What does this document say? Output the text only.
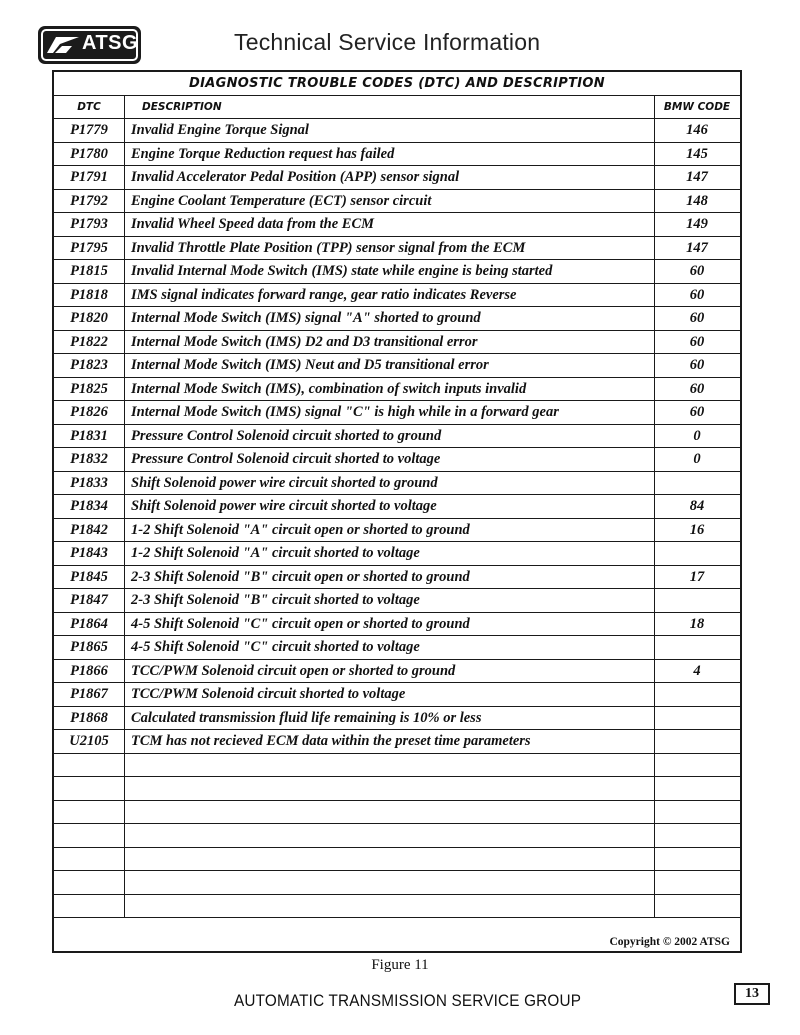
ATSG	Technical Service Information
DIAGNOSTIC TROUBLE CODES (DTC) AND DESCRIPTION
DTC	DESCRIPTION	BMW CODE
P1779	Invalid Engine Torque Signal	146
P1780	Engine Torque Reduction request has failed	145
P1791	Invalid Accelerator Pedal Position (APP) sensor signal	147
P1792	Engine Coolant Temperature (ECT) sensor circuit	148
P1793	Invalid Wheel Speed data from the ECM	149
P1795	Invalid Throttle Plate Position (TPP) sensor signal from the ECM	147
P1815	Invalid Internal Mode Switch (IMS) state while engine is being started	60
P1818	IMS signal indicates forward range, gear ratio indicates Reverse	60
P1820	Internal Mode Switch (IMS) signal "A" shorted to ground	60
P1822	Internal Mode Switch (IMS) D2 and D3 transitional error	60
P1823	Internal Mode Switch (IMS) Neut and D5 transitional error	60
P1825	Internal Mode Switch (IMS), combination of switch inputs invalid	60
P1826	Internal Mode Switch (IMS) signal "C" is high while in a forward gear	60
P1831	Pressure Control Solenoid circuit shorted to ground	0
P1832	Pressure Control Solenoid circuit shorted to voltage	0
P1833	Shift Solenoid power wire circuit shorted to ground
P1834	Shift Solenoid power wire circuit shorted to voltage	84
P1842	1-2 Shift Solenoid "A" circuit open or shorted to ground	16
P1843	1-2 Shift Solenoid "A" circuit shorted to voltage
P1845	2-3 Shift Solenoid "B" circuit open or shorted to ground	17
P1847	2-3 Shift Solenoid "B" circuit shorted to voltage
P1864	4-5 Shift Solenoid "C" circuit open or shorted to ground	18
P1865	4-5 Shift Solenoid "C" circuit shorted to voltage
P1866	TCC/PWM Solenoid circuit open or shorted to ground	4
P1867	TCC/PWM Solenoid circuit shorted to voltage
P1868	Calculated transmission fluid life remaining is 10% or less
U2105	TCM has not recieved ECM data within the preset time parameters
Copyright © 2002 ATSG
Figure 11
AUTOMATIC TRANSMISSION SERVICE GROUP	13
